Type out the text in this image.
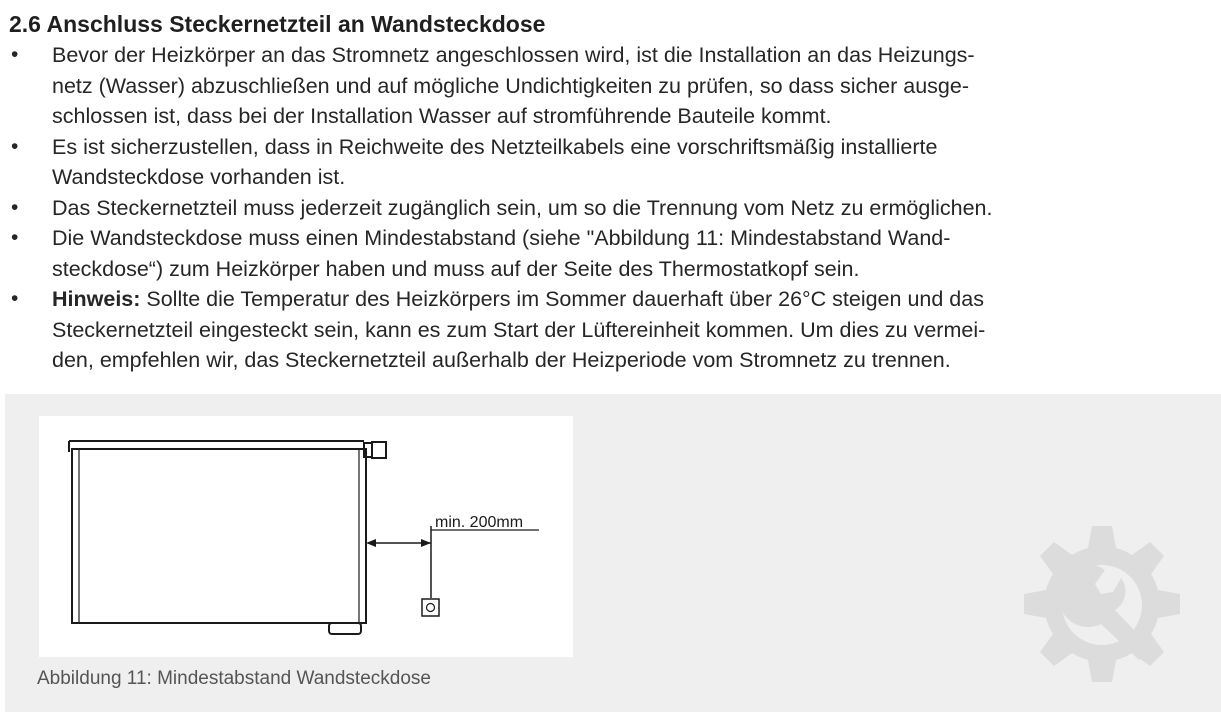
2.6 Anschluss Steckernetzteil an Wandsteckdose
• Bevor der Heizkörper an das Stromnetz angeschlossen wird, ist die Installation an das Heizungs-
netz (Wasser) abzuschließen und auf mögliche Undichtigkeiten zu prüfen, so dass sicher ausge-
schlossen ist, dass bei der Installation Wasser auf stromführende Bauteile kommt.
• Es ist sicherzustellen, dass in Reichweite des Netzteilkabels eine vorschriftsmäßig installierte
Wandsteckdose vorhanden ist.
• Das Steckernetzteil muss jederzeit zugänglich sein, um so die Trennung vom Netz zu ermöglichen.
• Die Wandsteckdose muss einen Mindestabstand (siehe "Abbildung 11: Mindestabstand Wand-
steckdose“) zum Heizkörper haben und muss auf der Seite des Thermostatkopf sein.
• Hinweis: Sollte die Temperatur des Heizkörpers im Sommer dauerhaft über 26°C steigen und das
Steckernetzteil eingesteckt sein, kann es zum Start der Lüftereinheit kommen. Um dies zu vermei-
den, empfehlen wir, das Steckernetzteil außerhalb der Heizperiode vom Stromnetz zu trennen.
min. 200mm
Abbildung 11: Mindestabstand Wandsteckdose
